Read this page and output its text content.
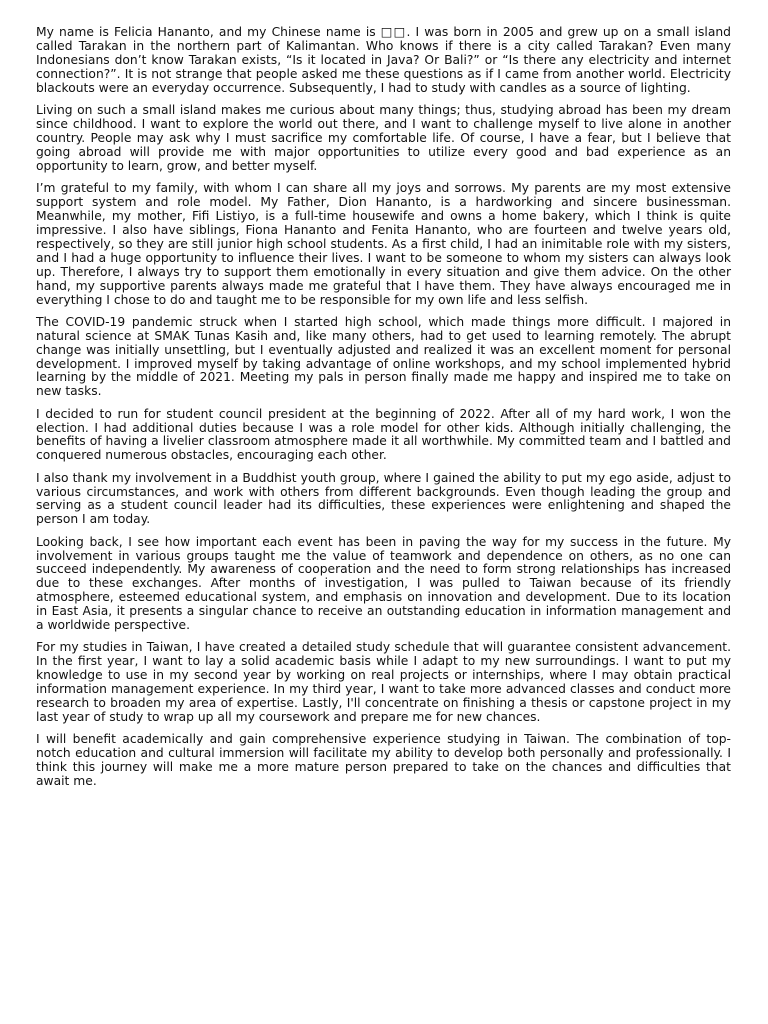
My name is Felicia Hananto, and my Chinese name is □□. I was born in 2005 and grew up on a small island called Tarakan in the northern part of Kalimantan. Who knows if there is a city called Tarakan? Even many Indonesians don’t know Tarakan exists, “Is it located in Java? Or Bali?” or “Is there any electricity and internet connection?”. It is not strange that people asked me these questions as if I came from another world. Electricity blackouts were an everyday occurrence. Subsequently, I had to study with candles as a source of lighting.

Living on such a small island makes me curious about many things; thus, studying abroad has been my dream since childhood. I want to explore the world out there, and I want to challenge myself to live alone in another country. People may ask why I must sacrifice my comfortable life. Of course, I have a fear, but I believe that going abroad will provide me with major opportunities to utilize every good and bad experience as an opportunity to learn, grow, and better myself.

I’m grateful to my family, with whom I can share all my joys and sorrows. My parents are my most extensive support system and role model. My Father, Dion Hananto, is a hardworking and sincere businessman. Meanwhile, my mother, Fifi Listiyo, is a full-time housewife and owns a home bakery, which I think is quite impressive. I also have siblings, Fiona Hananto and Fenita Hananto, who are fourteen and twelve years old, respectively, so they are still junior high school students. As a first child, I had an inimitable role with my sisters, and I had a huge opportunity to influence their lives. I want to be someone to whom my sisters can always look up. Therefore, I always try to support them emotionally in every situation and give them advice. On the other hand, my supportive parents always made me grateful that I have them. They have always encouraged me in everything I chose to do and taught me to be responsible for my own life and less selfish.

The COVID-19 pandemic struck when I started high school, which made things more difficult. I majored in natural science at SMAK Tunas Kasih and, like many others, had to get used to learning remotely. The abrupt change was initially unsettling, but I eventually adjusted and realized it was an excellent moment for personal development. I improved myself by taking advantage of online workshops, and my school implemented hybrid learning by the middle of 2021. Meeting my pals in person finally made me happy and inspired me to take on new tasks.

I decided to run for student council president at the beginning of 2022. After all of my hard work, I won the election. I had additional duties because I was a role model for other kids. Although initially challenging, the benefits of having a livelier classroom atmosphere made it all worthwhile. My committed team and I battled and conquered numerous obstacles, encouraging each other.

I also thank my involvement in a Buddhist youth group, where I gained the ability to put my ego aside, adjust to various circumstances, and work with others from different backgrounds. Even though leading the group and serving as a student council leader had its difficulties, these experiences were enlightening and shaped the person I am today.

Looking back, I see how important each event has been in paving the way for my success in the future. My involvement in various groups taught me the value of teamwork and dependence on others, as no one can succeed independently. My awareness of cooperation and the need to form strong relationships has increased due to these exchanges. After months of investigation, I was pulled to Taiwan because of its friendly atmosphere, esteemed educational system, and emphasis on innovation and development. Due to its location in East Asia, it presents a singular chance to receive an outstanding education in information management and a worldwide perspective.

For my studies in Taiwan, I have created a detailed study schedule that will guarantee consistent advancement. In the first year, I want to lay a solid academic basis while I adapt to my new surroundings. I want to put my knowledge to use in my second year by working on real projects or internships, where I may obtain practical information management experience. In my third year, I want to take more advanced classes and conduct more research to broaden my area of expertise. Lastly, I'll concentrate on finishing a thesis or capstone project in my last year of study to wrap up all my coursework and prepare me for new chances.

I will benefit academically and gain comprehensive experience studying in Taiwan. The combination of top-notch education and cultural immersion will facilitate my ability to develop both personally and professionally. I think this journey will make me a more mature person prepared to take on the chances and difficulties that await me.
